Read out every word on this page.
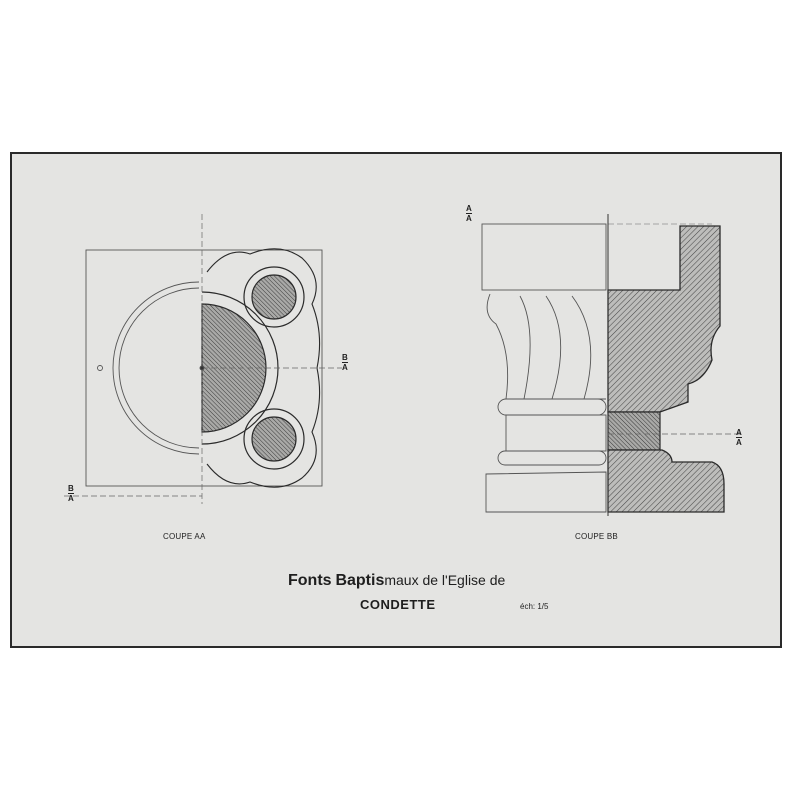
B
A
B
A
A
A
A
A
COUPE AA	COUPE BB
Fonts Baptismaux de l'Eglise de
CONDETTE	éch: 1/5
